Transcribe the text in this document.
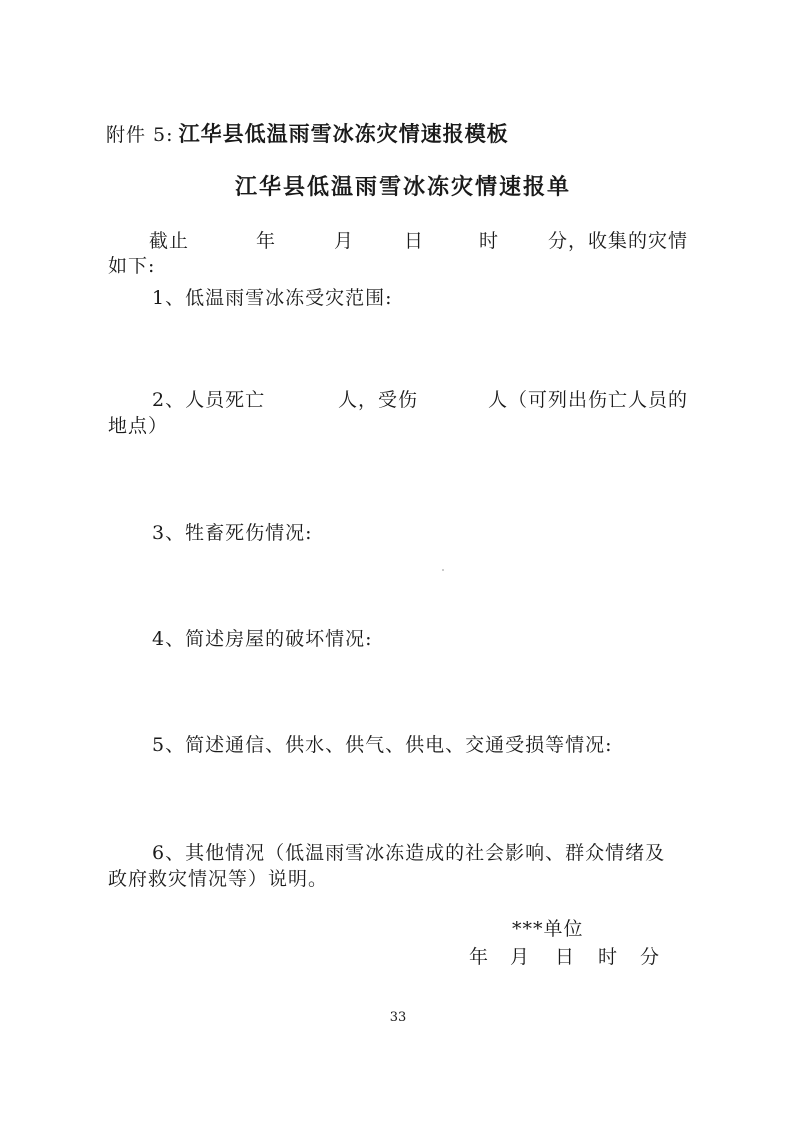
附件 5: 江华县低温雨雪冰冻灾情速报模板
江华县低温雨雪冰冻灾情速报单
截止	年	月	日	时	分，收集的灾情
如下:
1、低温雨雪冰冻受灾范围:
2、人员死亡	人，受伤	人（可列出伤亡人员的
地点）
3、牲畜死伤情况:
4、简述房屋的破坏情况:
5、简述通信、供水、供气、供电、交通受损等情况:
6、其他情况（低温雨雪冰冻造成的社会影响、群众情绪及
政府救灾情况等）说明。
***单位
年 月 日 时 分
33
